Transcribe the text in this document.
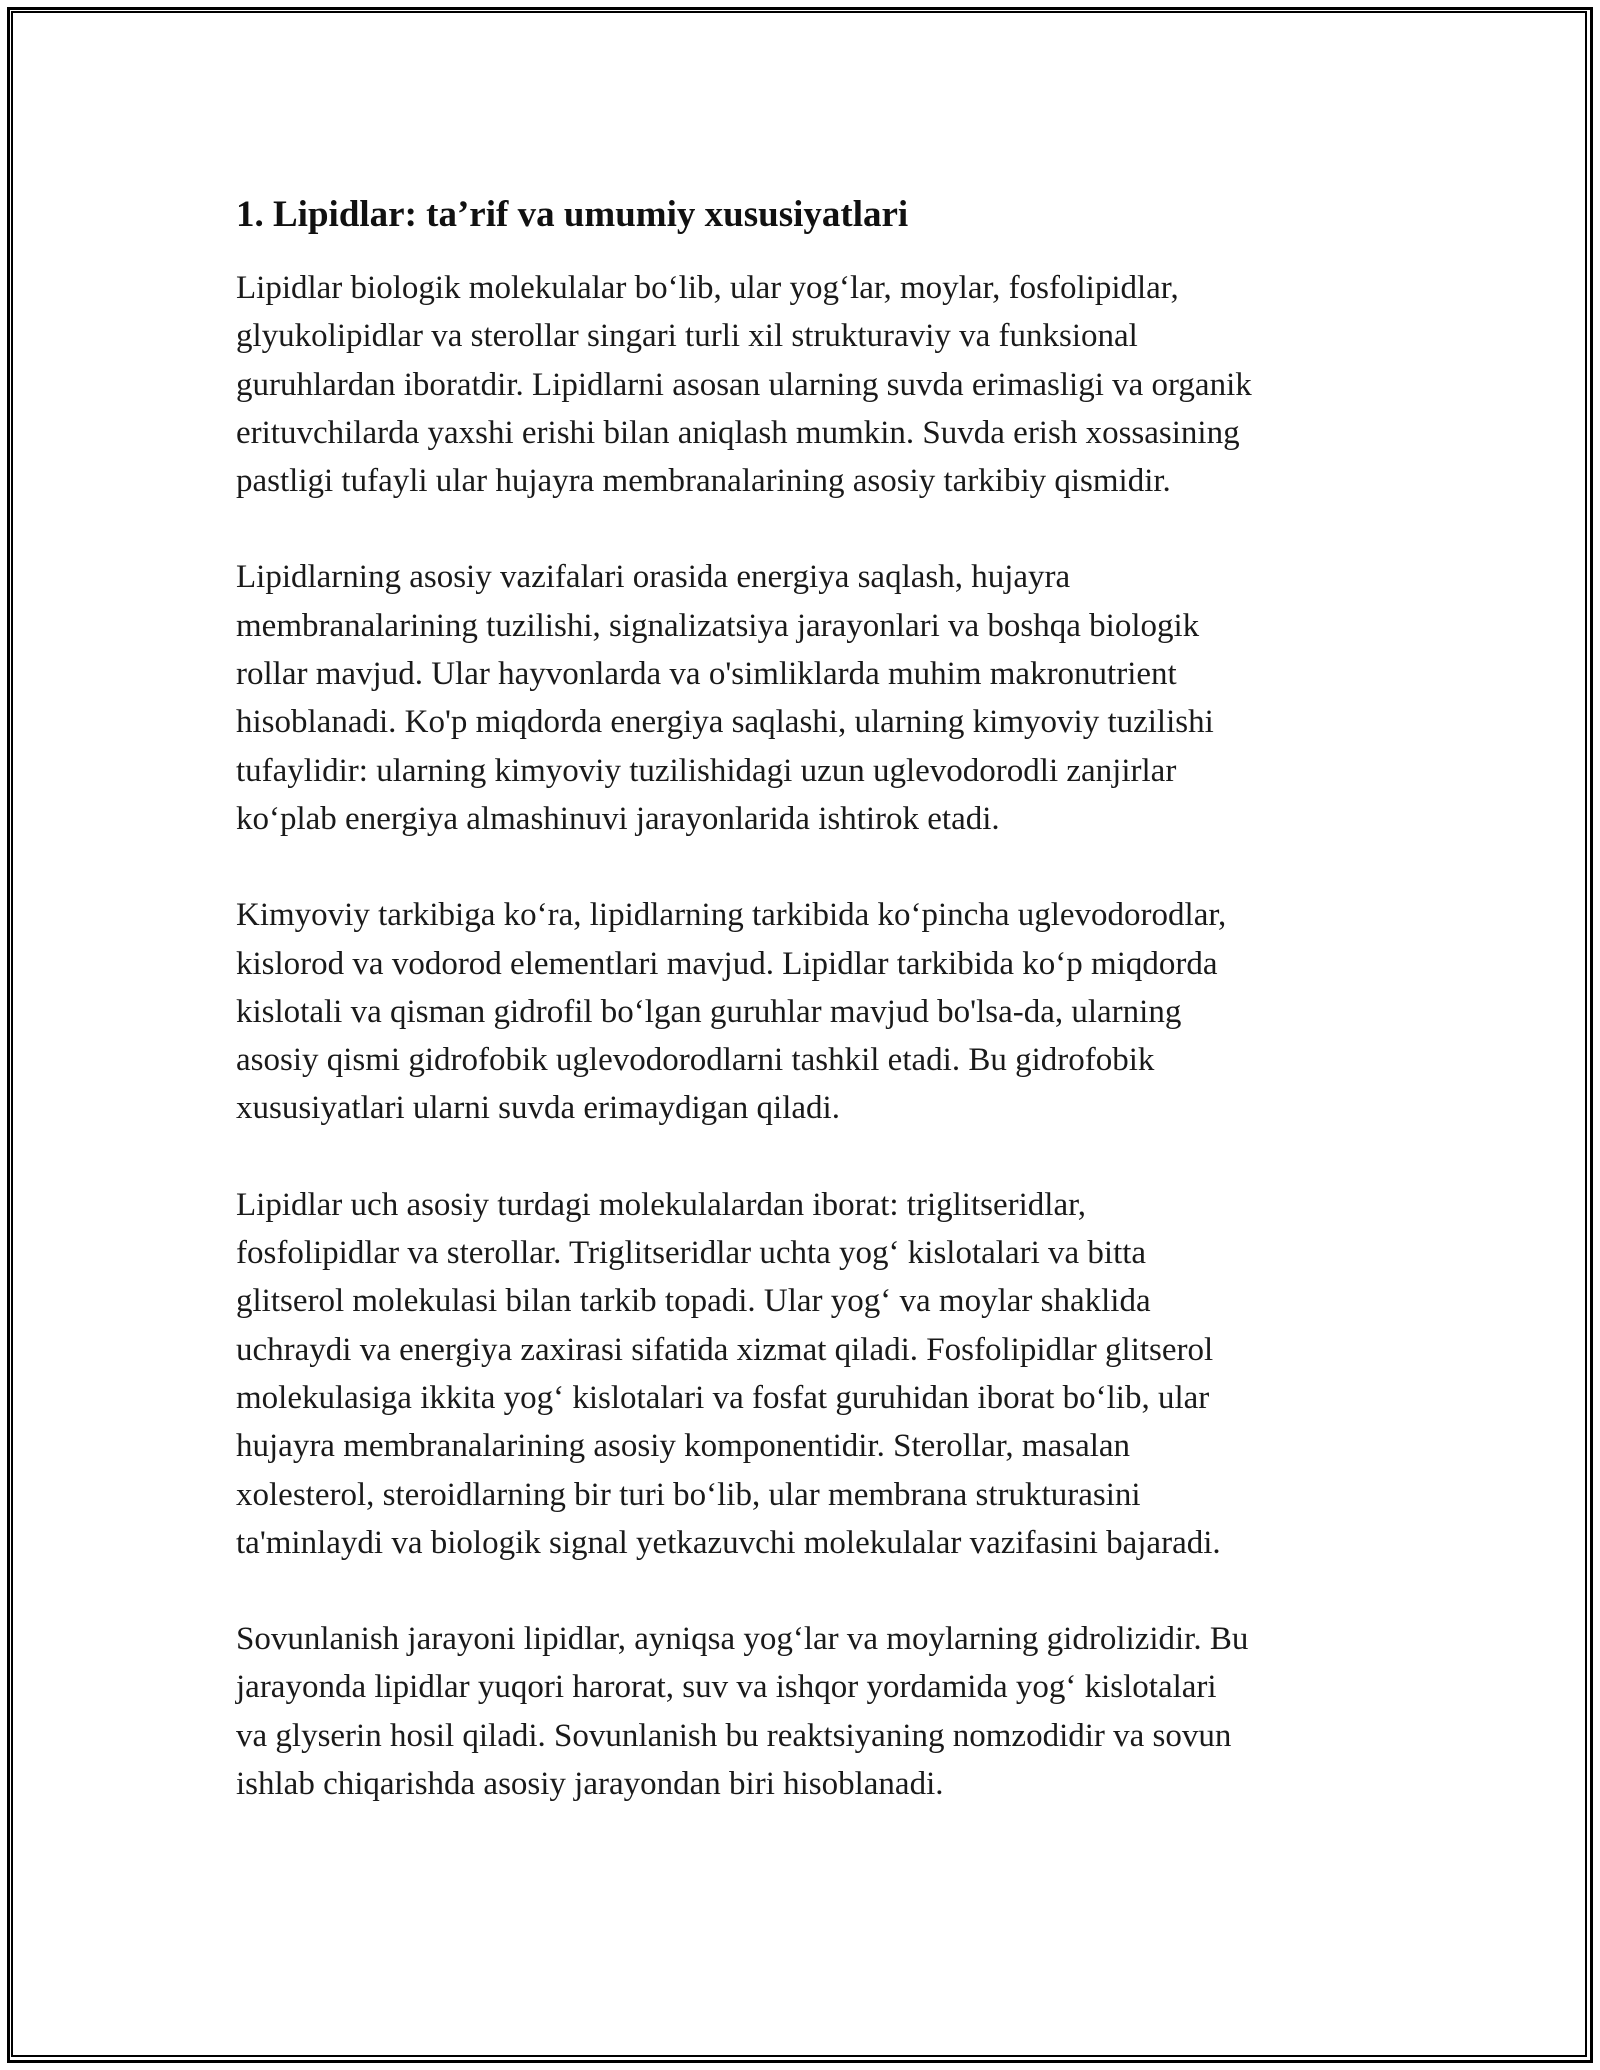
1. Lipidlar: ta’rif va umumiy xususiyatlari

Lipidlar biologik molekulalar bo‘lib, ular yog‘lar, moylar, fosfolipidlar,
glyukolipidlar va sterollar singari turli xil strukturaviy va funksional
guruhlardan iboratdir. Lipidlarni asosan ularning suvda erimasligi va organik
erituvchilarda yaxshi erishi bilan aniqlash mumkin. Suvda erish xossasining
pastligi tufayli ular hujayra membranalarining asosiy tarkibiy qismidir.

Lipidlarning asosiy vazifalari orasida energiya saqlash, hujayra
membranalarining tuzilishi, signalizatsiya jarayonlari va boshqa biologik
rollar mavjud. Ular hayvonlarda va o'simliklarda muhim makronutrient
hisoblanadi. Ko'p miqdorda energiya saqlashi, ularning kimyoviy tuzilishi
tufaylidir: ularning kimyoviy tuzilishidagi uzun uglevodorodli zanjirlar
ko‘plab energiya almashinuvi jarayonlarida ishtirok etadi.

Kimyoviy tarkibiga ko‘ra, lipidlarning tarkibida ko‘pincha uglevodorodlar,
kislorod va vodorod elementlari mavjud. Lipidlar tarkibida ko‘p miqdorda
kislotali va qisman gidrofil bo‘lgan guruhlar mavjud bo'lsa-da, ularning
asosiy qismi gidrofobik uglevodorodlarni tashkil etadi. Bu gidrofobik
xususiyatlari ularni suvda erimaydigan qiladi.

Lipidlar uch asosiy turdagi molekulalardan iborat: triglitseridlar,
fosfolipidlar va sterollar. Triglitseridlar uchta yog‘ kislotalari va bitta
glitserol molekulasi bilan tarkib topadi. Ular yog‘ va moylar shaklida
uchraydi va energiya zaxirasi sifatida xizmat qiladi. Fosfolipidlar glitserol
molekulasiga ikkita yog‘ kislotalari va fosfat guruhidan iborat bo‘lib, ular
hujayra membranalarining asosiy komponentidir. Sterollar, masalan
xolesterol, steroidlarning bir turi bo‘lib, ular membrana strukturasini
ta'minlaydi va biologik signal yetkazuvchi molekulalar vazifasini bajaradi.

Sovunlanish jarayoni lipidlar, ayniqsa yog‘lar va moylarning gidrolizidir. Bu
jarayonda lipidlar yuqori harorat, suv va ishqor yordamida yog‘ kislotalari
va glyserin hosil qiladi. Sovunlanish bu reaktsiyaning nomzodidir va sovun
ishlab chiqarishda asosiy jarayondan biri hisoblanadi.
